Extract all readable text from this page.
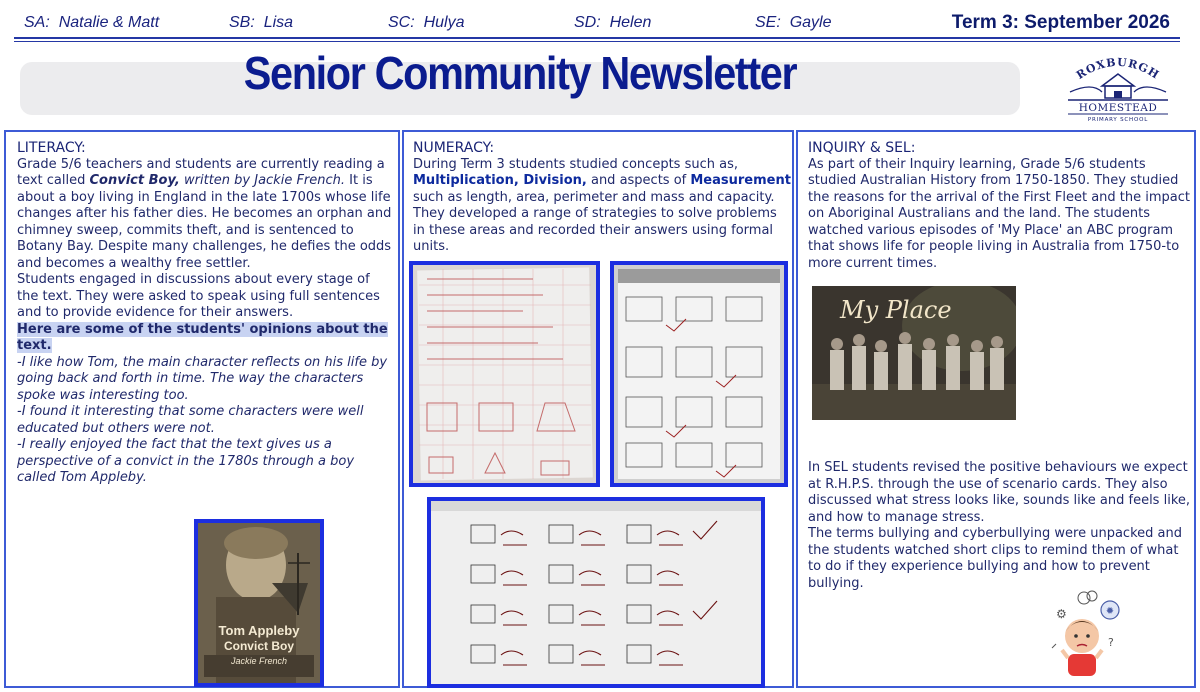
SA: Natalie & Matt	SB: Lisa	SC: Hulya	SD: Helen	SE: Gayle	Term 3: September 2026
Senior Community Newsletter	ROXBURGH
HOMESTEAD
PRIMARY SCHOOL
LITERACY:
Grade 5/6 teachers and students are currently reading a text called Convict Boy, written by Jackie French. It is about a boy living in England in the late 1700s whose life changes after his father dies. He becomes an orphan and chimney sweep, commits theft, and is sentenced to Botany Bay. Despite many challenges, he defies the odds and becomes a wealthy free settler.
Students engaged in discussions about every stage of the text. They were asked to speak using full sentences and to provide evidence for their answers.
Here are some of the students' opinions about the text.
-I like how Tom, the main character reflects on his life by going back and forth in time. The way the characters spoke was interesting too.
-I found it interesting that some characters were well educated but others were not.
-I really enjoyed the fact that the text gives us a perspective of a convict in the 1780s through a boy called Tom Appleby.
NUMERACY:
During Term 3 students studied concepts such as, Multiplication, Division, and aspects of Measurement such as length, area, perimeter and mass and capacity. They developed a range of strategies to solve problems in these areas and recorded their answers using formal units.
INQUIRY & SEL:
As part of their Inquiry learning, Grade 5/6 students studied Australian History from 1750-1850. They studied the reasons for the arrival of the First Fleet and the impact on Aboriginal Australians and the land. The students watched various episodes of 'My Place' an ABC program that shows life for people living in Australia from 1750-to more current times.
In SEL students revised the positive behaviours we expect at R.H.P.S. through the use of scenario cards. They also discussed what stress looks like, sounds like and feels like, and how to manage stress.
The terms bullying and cyberbullying were unpacked and the students watched short clips to remind them of what to do if they experience bullying and how to prevent bullying.
Tom Appleby
Convict Boy
Jackie French
My Place
✹
⚙
?
